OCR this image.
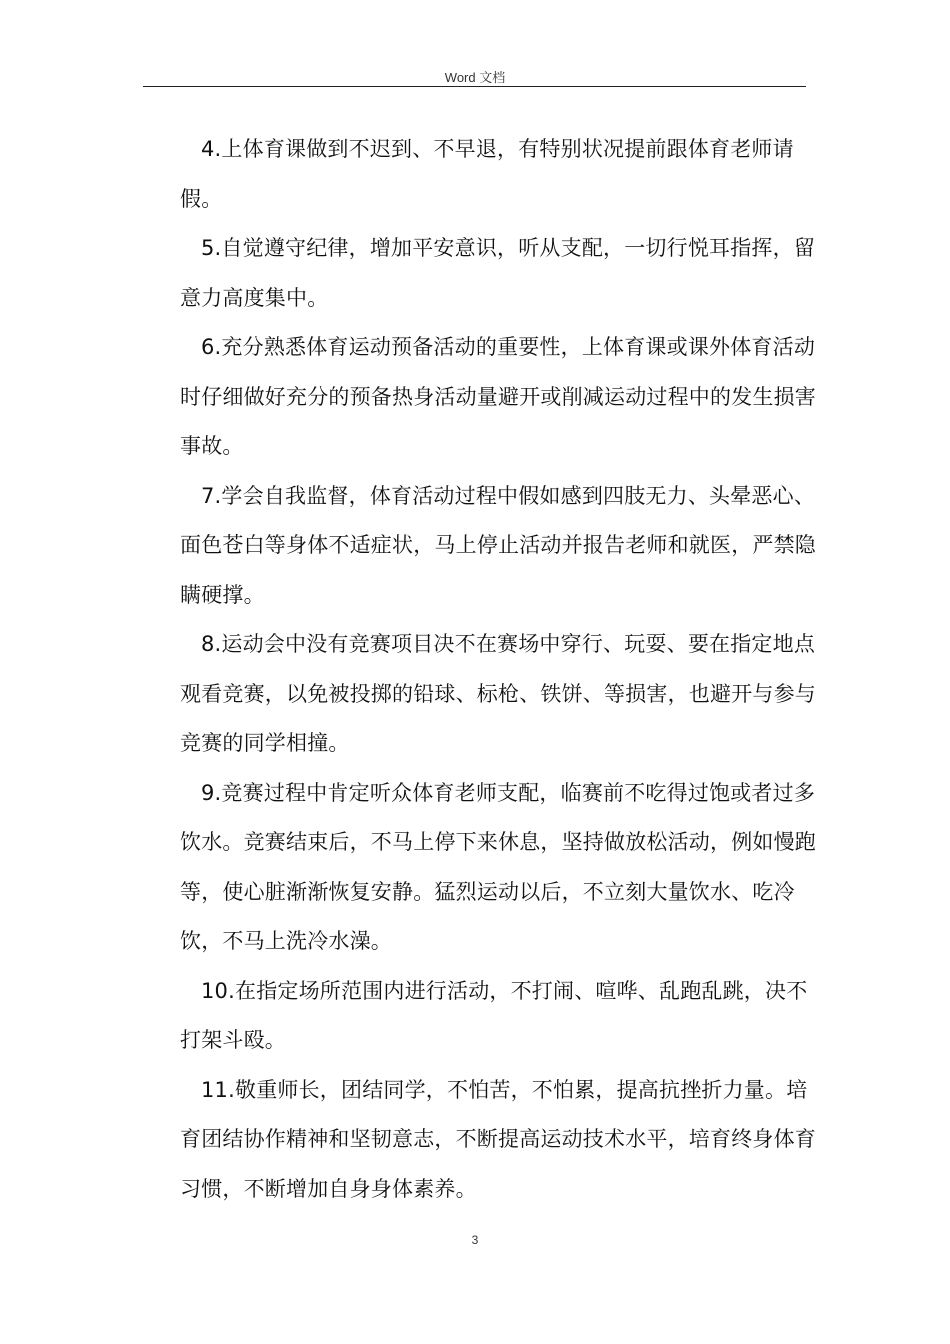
Word 文档

4.上体育课做到不迟到、不早退，有特别状况提前跟体育老师请假。

5.自觉遵守纪律，增加平安意识，听从支配，一切行悦耳指挥，留意力高度集中。

6.充分熟悉体育运动预备活动的重要性，上体育课或课外体育活动时仔细做好充分的预备热身活动量避开或削减运动过程中的发生损害事故。

7.学会自我监督，体育活动过程中假如感到四肢无力、头晕恶心、面色苍白等身体不适症状，马上停止活动并报告老师和就医，严禁隐瞒硬撑。

8.运动会中没有竞赛项目决不在赛场中穿行、玩耍、要在指定地点观看竞赛，以免被投掷的铅球、标枪、铁饼、等损害，也避开与参与竞赛的同学相撞。

9.竞赛过程中肯定听众体育老师支配，临赛前不吃得过饱或者过多饮水。竞赛结束后，不马上停下来休息，坚持做放松活动，例如慢跑等，使心脏渐渐恢复安静。猛烈运动以后，不立刻大量饮水、吃冷饮，不马上洗冷水澡。

10.在指定场所范围内进行活动，不打闹、喧哗、乱跑乱跳，决不打架斗殴。

11.敬重师长，团结同学，不怕苦，不怕累，提高抗挫折力量。培育团结协作精神和坚韧意志，不断提高运动技术水平，培育终身体育习惯，不断增加自身身体素养。

3
